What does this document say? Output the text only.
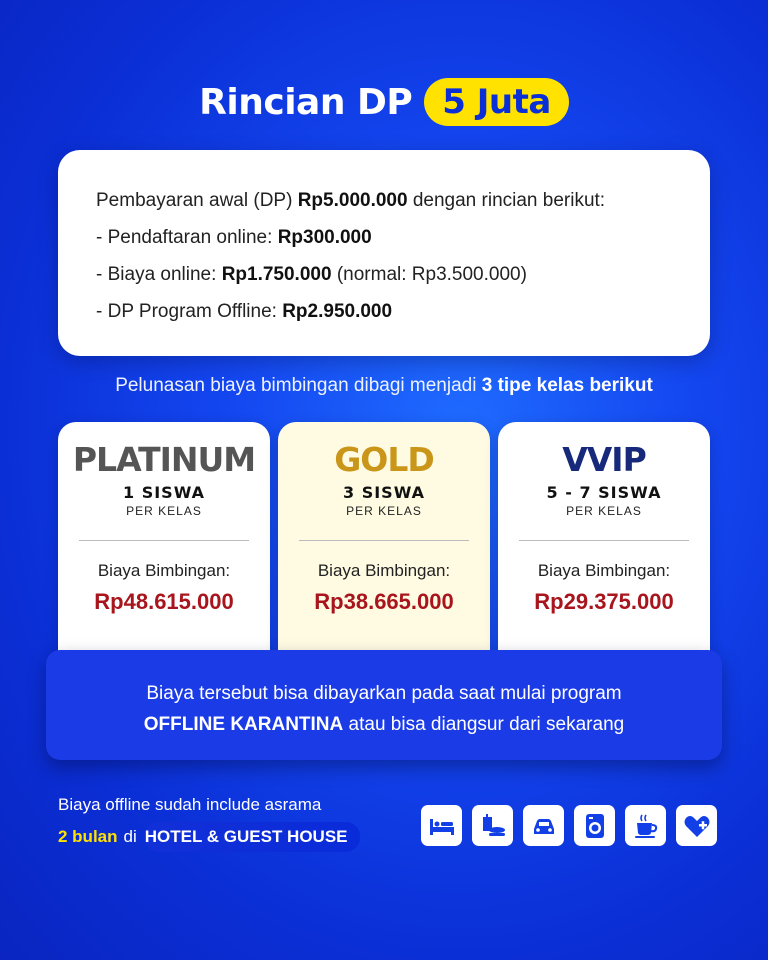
Rincian DP 5 Juta
Pembayaran awal (DP) Rp5.000.000 dengan rincian berikut:
- Pendaftaran online: Rp300.000
- Biaya online: Rp1.750.000 (normal: Rp3.500.000)
- DP Program Offline: Rp2.950.000
Pelunasan biaya bimbingan dibagi menjadi 3 tipe kelas berikut
PLATINUM
1 SISWA
PER KELAS
Biaya Bimbingan:
Rp48.615.000
GOLD
3 SISWA
PER KELAS
Biaya Bimbingan:
Rp38.665.000
VVIP
5 - 7 SISWA
PER KELAS
Biaya Bimbingan:
Rp29.375.000
Biaya tersebut bisa dibayarkan pada saat mulai program
OFFLINE KARANTINA atau bisa diangsur dari sekarang
Biaya offline sudah include asrama
2 bulan di HOTEL & GUEST HOUSE
